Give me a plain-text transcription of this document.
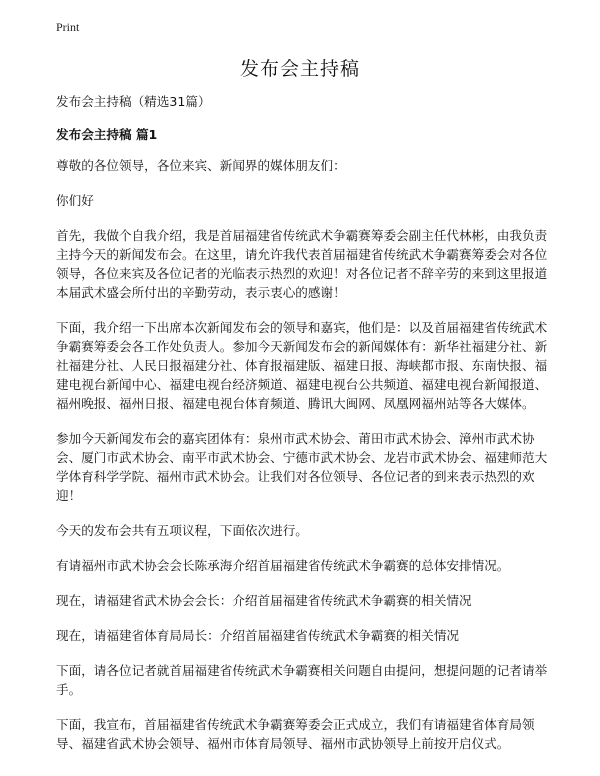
Print
发布会主持稿

发布会主持稿（精选31篇）

发布会主持稿 篇1

尊敬的各位领导，各位来宾、新闻界的媒体朋友们：

你们好

首先，我做个自我介绍，我是首届福建省传统武术争霸赛筹委会副主任代林彬，由我负责主持今天的新闻发布会。在这里，请允许我代表首届福建省传统武术争霸赛筹委会对各位领导，各位来宾及各位记者的光临表示热烈的欢迎！对各位记者不辞辛劳的来到这里报道本届武术盛会所付出的辛勤劳动，表示衷心的感谢！

下面，我介绍一下出席本次新闻发布会的领导和嘉宾，他们是：以及首届福建省传统武术争霸赛筹委会各工作处负责人。参加今天新闻发布会的新闻媒体有：新华社福建分社、新社福建分社、人民日报福建分社、体育报福建版、福建日报、海峡都市报、东南快报、福建电视台新闻中心、福建电视台经济频道、福建电视台公共频道、福建电视台新闻报道、福州晚报、福州日报、福建电视台体育频道、腾讯大闽网、凤凰网福州站等各大媒体。

参加今天新闻发布会的嘉宾团体有：泉州市武术协会、莆田市武术协会、漳州市武术协会、厦门市武术协会、南平市武术协会、宁德市武术协会、龙岩市武术协会、福建师范大学体育科学学院、福州市武术协会。让我们对各位领导、各位记者的到来表示热烈的欢迎！

今天的发布会共有五项议程，下面依次进行。

有请福州市武术协会会长陈承海介绍首届福建省传统武术争霸赛的总体安排情况。

现在，请福建省武术协会会长：介绍首届福建省传统武术争霸赛的相关情况

现在，请福建省体育局局长：介绍首届福建省传统武术争霸赛的相关情况

下面，请各位记者就首届福建省传统武术争霸赛相关问题自由提问，想提问题的记者请举手。

下面，我宣布，首届福建省传统武术争霸赛筹委会正式成立，我们有请福建省体育局领导、福建省武术协会领导、福州市体育局领导、福州市武协领导上前按开启仪式。
